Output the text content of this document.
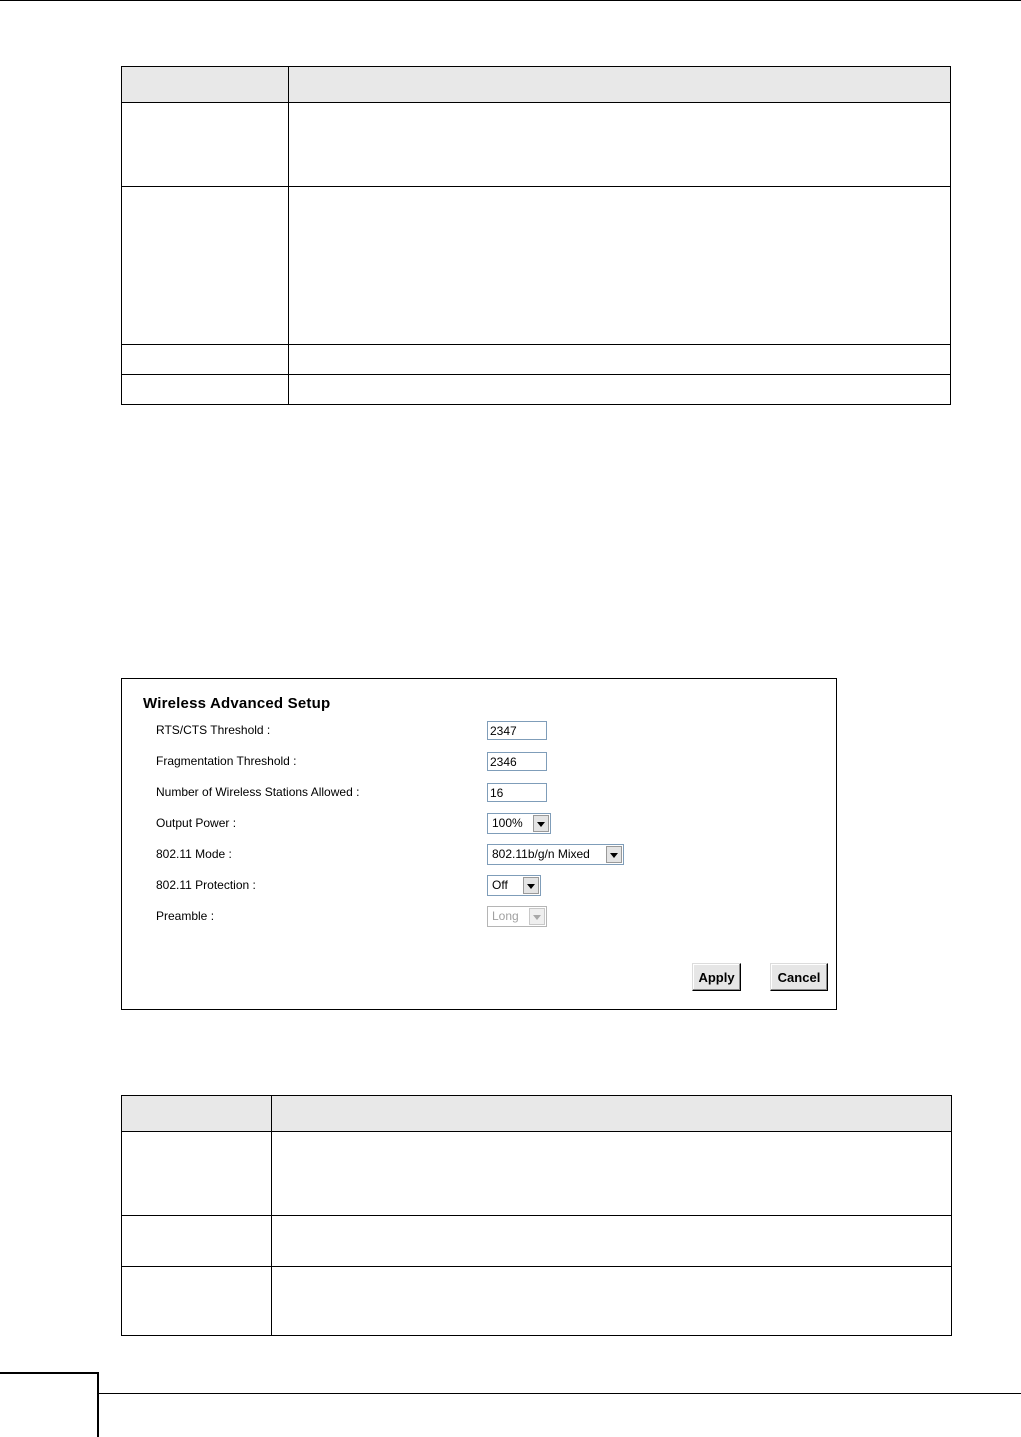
Wireless Advanced Setup
RTS/CTS Threshold :
2347
Fragmentation Threshold :
2346
Number of Wireless Stations Allowed :
16
Output Power :	100%
802.11 Mode :	802.11b/g/n Mixed
802.11 Protection :	Off
Preamble :	Long
Apply	Cancel
